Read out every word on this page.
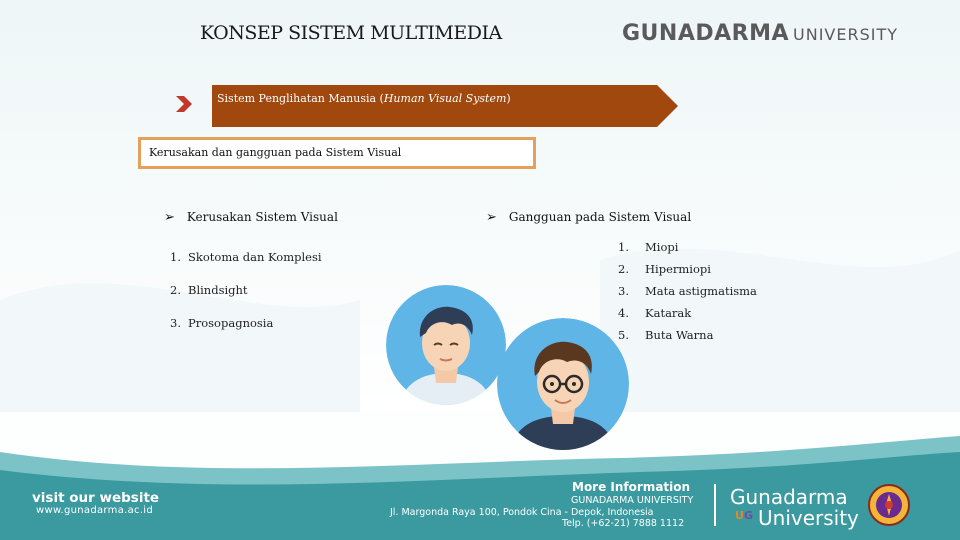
KONSEP SISTEM MULTIMEDIA	GUNADARMA UNIVERSITY
Sistem Penglihatan Manusia (Human Visual System)
Kerusakan dan gangguan pada Sistem Visual
➢ Kerusakan Sistem Visual
1. Skotoma dan Komplesi
2. Blindsight
3. Prosopagnosia
➢ Gangguan pada Sistem Visual
1. Miopi
2. Hipermiopi
3. Mata astigmatisma
4. Katarak
5. Buta Warna
visit our website
www.gunadarma.ac.id
More Information
GUNADARMA UNIVERSITY
Jl. Margonda Raya 100, Pondok Cina - Depok, Indonesia
Telp. (+62-21) 7888 1112
Gunadarma
UG University
